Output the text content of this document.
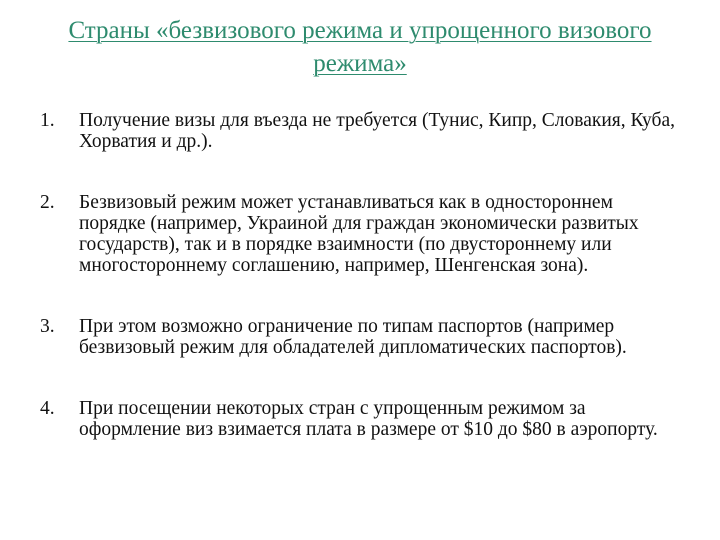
Страны «безвизового режима и упрощенного визового режима»
1. Получение визы для въезда не требуется (Тунис, Кипр, Словакия, Куба, Хорватия и др.).
2. Безвизовый режим может устанавливаться как в одностороннем порядке (например, Украиной для граждан экономически развитых государств), так и в порядке взаимности (по двустороннему или многостороннему соглашению, например, Шенгенская зона).
3. При этом возможно ограничение по типам паспортов (например безвизовый режим для обладателей дипломатических паспортов).
4. При посещении некоторых стран с упрощенным режимом за оформление виз взимается плата в размере от $10 до $80 в аэропорту.
